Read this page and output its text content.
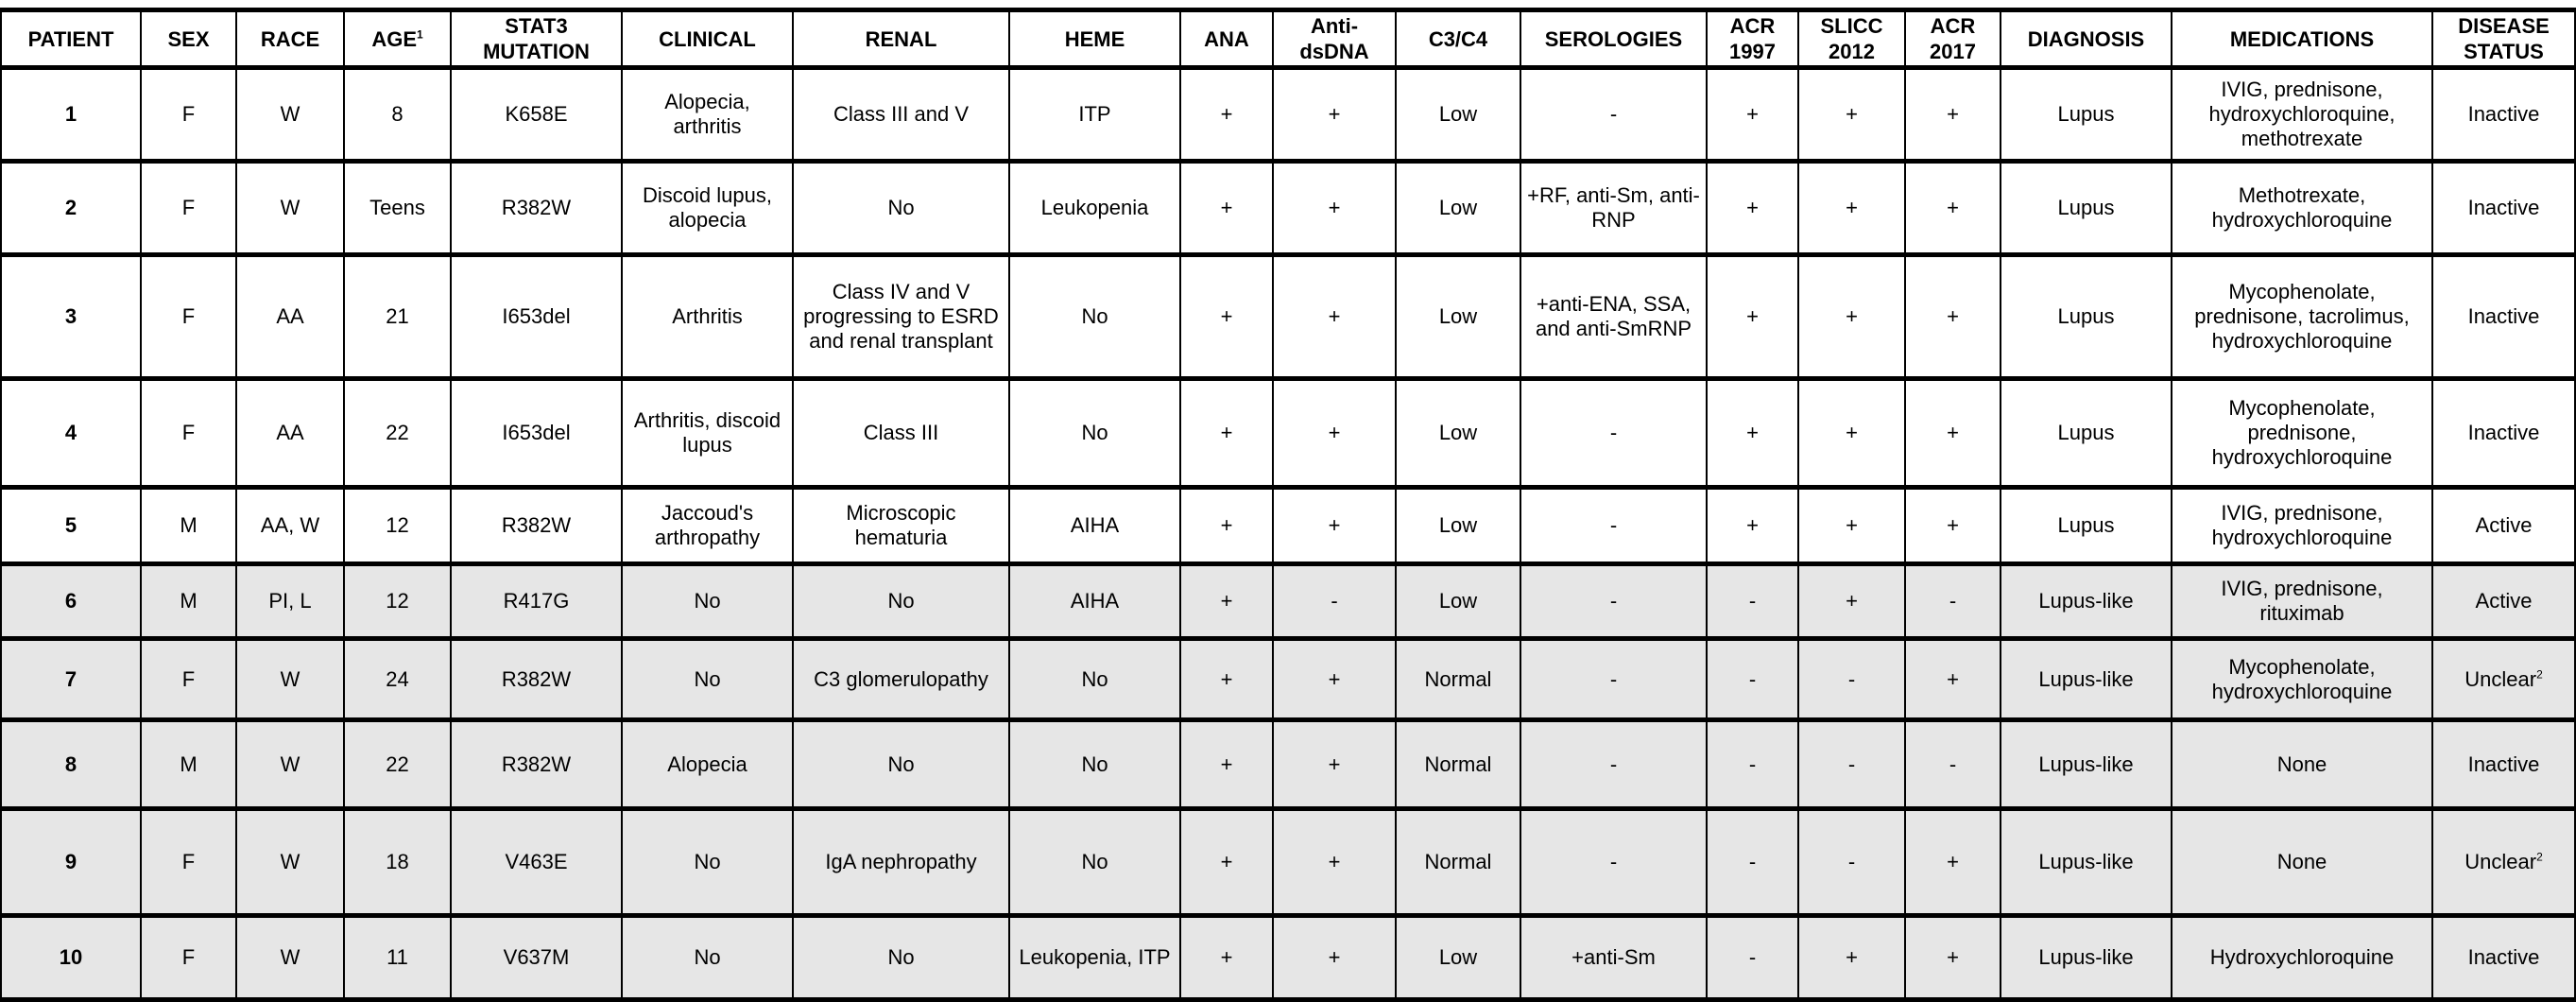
PATIENT	SEX	RACE	AGE$^1$	STAT3 MUTATION	CLINICAL	RENAL	HEME	ANA	Anti-dsDNA	C3/C4	SEROLOGIES	ACR 1997	SLICC 2012	ACR 2017	DIAGNOSIS	MEDICATIONS	DISEASE STATUS
1	F	W	8	K658E	Alopecia, arthritis	Class III and V	ITP	+	+	Low	-	+	+	+	Lupus	IVIG, prednisone, hydroxychloroquine, methotrexate	Inactive
2	F	W	Teens	R382W	Discoid lupus, alopecia	No	Leukopenia	+	+	Low	+RF, anti-Sm, anti-RNP	+	+	+	Lupus	Methotrexate, hydroxychloroquine	Inactive
3	F	AA	21	I653del	Arthritis	Class IV and V progressing to ESRD and renal transplant	No	+	+	Low	+anti-ENA, SSA, and anti-SmRNP	+	+	+	Lupus	Mycophenolate, prednisone, tacrolimus, hydroxychloroquine	Inactive
4	F	AA	22	I653del	Arthritis, discoid lupus	Class III	No	+	+	Low	-	+	+	+	Lupus	Mycophenolate, prednisone, hydroxychloroquine	Inactive
5	M	AA, W	12	R382W	Jaccoud's arthropathy	Microscopic hematuria	AIHA	+	+	Low	-	+	+	+	Lupus	IVIG, prednisone, hydroxychloroquine	Active
6	M	PI, L	12	R417G	No	No	AIHA	+	-	Low	-	-	+	-	Lupus-like	IVIG, prednisone, rituximab	Active
7	F	W	24	R382W	No	C3 glomerulopathy	No	+	+	Normal	-	-	-	+	Lupus-like	Mycophenolate, hydroxychloroquine	Unclear$^2$
8	M	W	22	R382W	Alopecia	No	No	+	+	Normal	-	-	-	-	Lupus-like	None	Inactive
9	F	W	18	V463E	No	IgA nephropathy	No	+	+	Normal	-	-	-	+	Lupus-like	None	Unclear$^2$
10	F	W	11	V637M	No	No	Leukopenia, ITP	+	+	Low	+anti-Sm	-	+	+	Lupus-like	Hydroxychloroquine	Inactive
